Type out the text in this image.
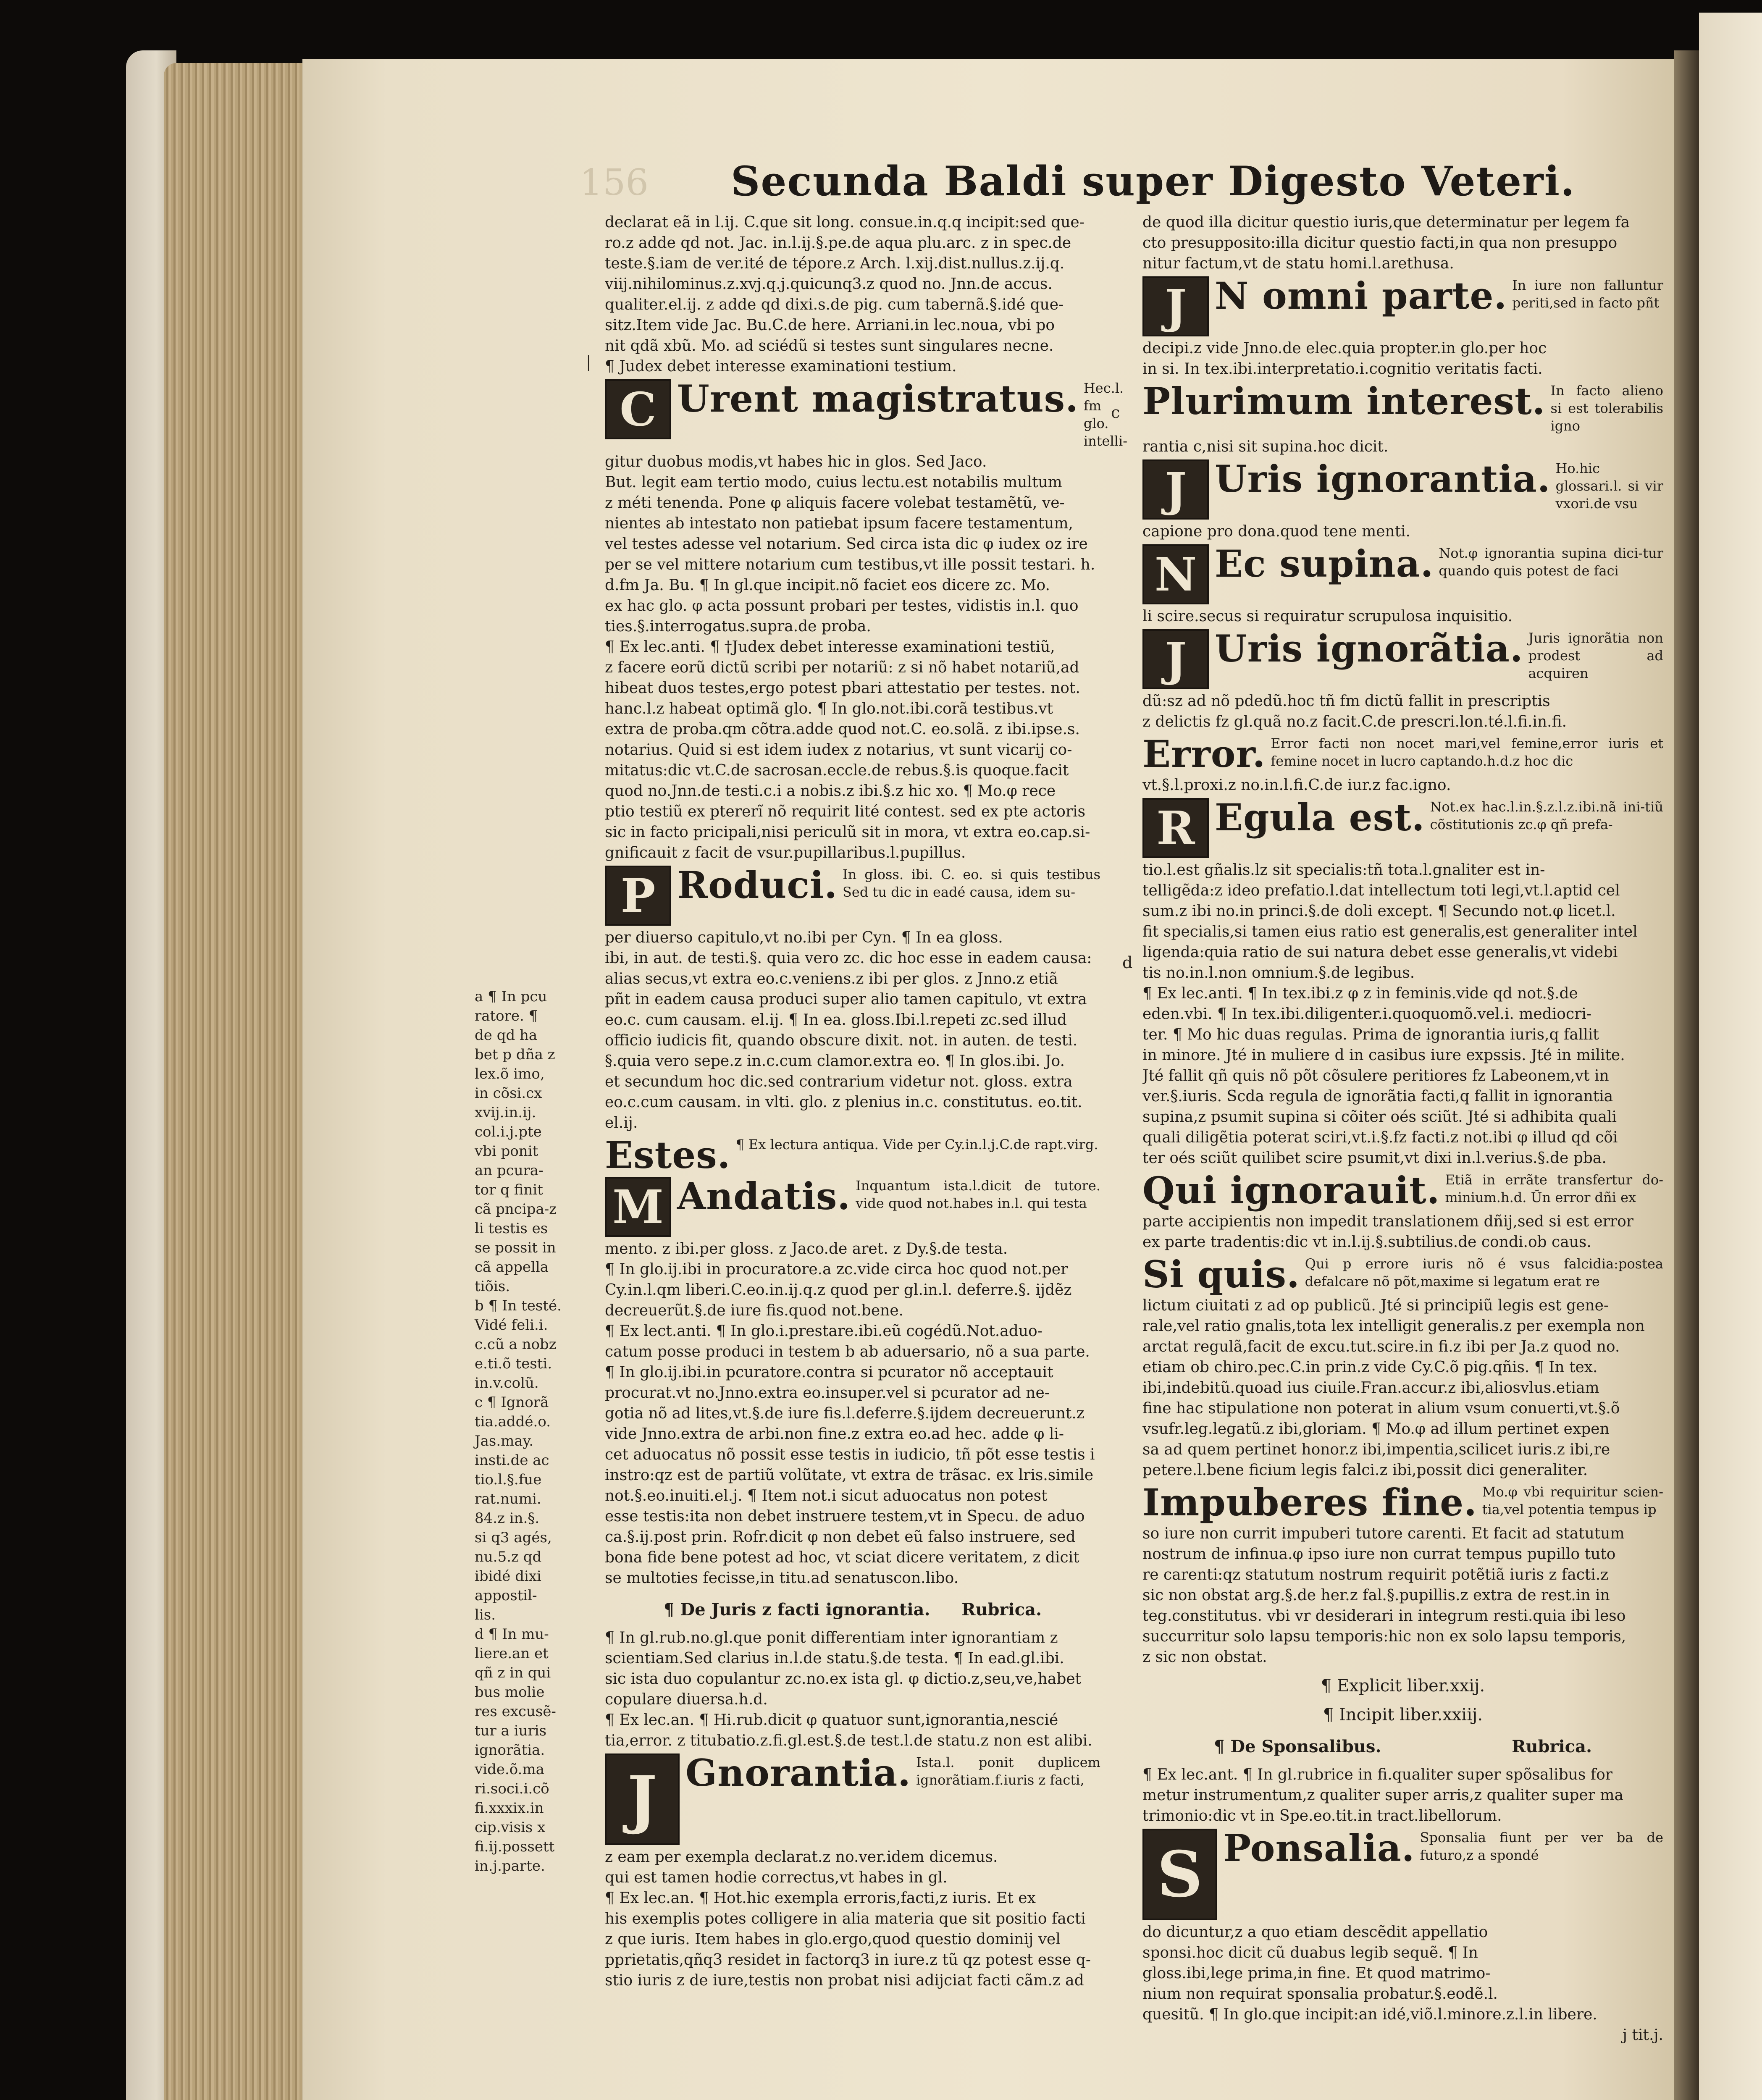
156 Secunda Baldi super Digesto Veteri.
declarat eã in l.ij. C.que sit long. consue.in.q.q incipit:sed que-
ro.z adde qd not. Jac. in.l.ij.§.pe.de aqua plu.arc. z in spec.de
teste.§.iam de ver.ité de tépore.z Arch. l.xij.dist.nullus.z.ij.q.
viij.nihilominus.z.xvj.q.j.quicunq3.z quod no. Jnn.de accus.
qualiter.el.ij. z adde qd dixi.s.de pig. cum tabernã.§.idé que-
sitz.Item vide Jac. Bu.C.de here. Arriani.in lec.noua, vbi po
nit qdã xbũ. Mo. ad sciédũ si testes sunt singulares necne.
¶ Judex debet interesse examinationi testium.
C Urent magistratus. Hec.l. fm glo. intelli-
gitur duobus modis,vt habes hic in glos. Sed Jaco.
But. legit eam tertio modo, cuius lectu.est notabilis multum
z méti tenenda. Pone φ aliquis facere volebat testamẽtũ, ve-
nientes ab intestato non patiebat ipsum facere testamentum,
vel testes adesse vel notarium. Sed circa ista dic φ iudex oz ire
per se vel mittere notarium cum testibus,vt ille possit testari. h.
d.fm Ja. Bu. ¶ In gl.que incipit.nõ faciet eos dicere zc. Mo.
ex hac glo. φ acta possunt probari per testes, vidistis in.l. quo
ties.§.interrogatus.supra.de proba.
¶ Ex lec.anti. ¶ †Judex debet interesse examinationi testiũ,
z facere eorũ dictũ scribi per notariũ: z si nõ habet notariũ,ad
hibeat duos testes,ergo potest pbari attestatio per testes. not.
hanc.l.z habeat optimã glo. ¶ In glo.not.ibi.corã testibus.vt
extra de proba.qm cõtra.adde quod not.C. eo.solã. z ibi.ipse.s.
notarius. Quid si est idem iudex z notarius, vt sunt vicarij co-
mitatus:dic vt.C.de sacrosan.eccle.de rebus.§.is quoque.facit
quod no.Jnn.de testi.c.i a nobis.z ibi.§.z hic xo. ¶ Mo.φ rece
ptio testiũ ex ptererĩ nõ requirit lité contest. sed ex pte actoris
sic in facto pricipali,nisi periculũ sit in mora, vt extra eo.cap.si-
gnificauit z facit de vsur.pupillaribus.l.pupillus.
P Roduci. In gloss. ibi. C. eo. si quis testibus Sed tu dic in eadé causa, idem su-
per diuerso capitulo,vt no.ibi per Cyn. ¶ In ea gloss.
ibi, in aut. de testi.§. quia vero zc. dic hoc esse in eadem causa:
alias secus,vt extra eo.c.veniens.z ibi per glos. z Jnno.z etiã
pñt in eadem causa produci super alio tamen capitulo, vt extra
eo.c. cum causam. el.ij. ¶ In ea. gloss.Ibi.l.repeti zc.sed illud
officio iudicis fit, quando obscure dixit. not. in auten. de testi.
§.quia vero sepe.z in.c.cum clamor.extra eo. ¶ In glos.ibi. Jo.
et secundum hoc dic.sed contrarium videtur not. gloss. extra
eo.c.cum causam. in vlti. glo. z plenius in.c. constitutus. eo.tit.
el.ij.
Estes. ¶ Ex lectura antiqua. Vide per Cy.in.l.j.C.de rapt.virg.
M Andatis. Inquantum ista.l.dicit de tutore. vide quod not.habes in.l. qui testa
mento. z ibi.per gloss. z Jaco.de aret. z Dy.§.de testa.
¶ In glo.ij.ibi in procuratore.a zc.vide circa hoc quod not.per
Cy.in.l.qm liberi.C.eo.in.ij.q.z quod per gl.in.l. deferre.§. ijdẽz
decreuerũt.§.de iure fis.quod not.bene.
¶ Ex lect.anti. ¶ In glo.i.prestare.ibi.eũ cogédũ.Not.aduo-
catum posse produci in testem b ab aduersario, nõ a sua parte.
¶ In glo.ij.ibi.in pcuratore.contra si pcurator nõ acceptauit
procurat.vt no.Jnno.extra eo.insuper.vel si pcurator ad ne-
gotia nõ ad lites,vt.§.de iure fis.l.deferre.§.ijdem decreuerunt.z
vide Jnno.extra de arbi.non fine.z extra eo.ad hec. adde φ li-
cet aduocatus nõ possit esse testis in iudicio, tñ põt esse testis i
instro:qz est de partiũ volũtate, vt extra de trãsac. ex lris.simile
not.§.eo.inuiti.el.j. ¶ Item not.i sicut aduocatus non potest
esse testis:ita non debet instruere testem,vt in Specu. de aduo
ca.§.ij.post prin. Rofr.dicit φ non debet eũ falso instruere, sed
bona fide bene potest ad hoc, vt sciat dicere veritatem, z dicit
se multoties fecisse,in titu.ad senatuscon.libo.
¶ De Juris z facti ignorantia. Rubrica.
¶ In gl.rub.no.gl.que ponit differentiam inter ignorantiam z
scientiam.Sed clarius in.l.de statu.§.de testa. ¶ In ead.gl.ibi.
sic ista duo copulantur zc.no.ex ista gl. φ dictio.z,seu,ve,habet
copulare diuersa.h.d.
¶ Ex lec.an. ¶ Hi.rub.dicit φ quatuor sunt,ignorantia,nescié
tia,error. z titubatio.z.fi.gl.est.§.de test.l.de statu.z non est alibi.
J Gnorantia. Ista.l. ponit duplicem ignorãtiam.f.iuris z facti,
z eam per exempla declarat.z no.ver.idem dicemus.
qui est tamen hodie correctus,vt habes in gl.
¶ Ex lec.an. ¶ Hot.hic exempla erroris,facti,z iuris. Et ex
his exemplis potes colligere in alia materia que sit positio facti
z que iuris. Item habes in glo.ergo,quod questio dominij vel
pprietatis,qñq3 residet in factorq3 in iure.z tũ qz potest esse q-
stio iuris z de iure,testis non probat nisi adijciat facti cãm.z ad
de quod illa dicitur questio iuris,que determinatur per legem fa
cto presupposito:illa dicitur questio facti,in qua non presuppo
nitur factum,vt de statu homi.l.arethusa.
J N omni parte. In iure non falluntur periti,sed in facto pñt
decipi.z vide Jnno.de elec.quia propter.in glo.per hoc
in si. In tex.ibi.interpretatio.i.cognitio veritatis facti.
Plurimum interest. In facto alieno si est tolerabilis igno
rantia c,nisi sit supina.hoc dicit.
J Uris ignorantia. Ho.hic glossari.l. si vir vxori.de vsu
capione pro dona.quod tene menti.
N Ec supina. Not.φ ignorantia supina dici-tur quando quis potest de faci
li scire.secus si requiratur scrupulosa inquisitio.
J Uris ignorãtia. Juris ignorãtia non prodest ad acquiren
dũ:sz ad nõ pdedũ.hoc tñ fm dictũ fallit in prescriptis
z delictis fz gl.quã no.z facit.C.de prescri.lon.té.l.fi.in.fi.
Error. Error facti non nocet mari,vel femine,error iuris et femine nocet in lucro captando.h.d.z hoc dic
vt.§.l.proxi.z no.in.l.fi.C.de iur.z fac.igno.
R Egula est. Not.ex hac.l.in.§.z.l.z.ibi.nã ini-tiũ cõstitutionis zc.φ qñ prefa-
tio.l.est gñalis.lz sit specialis:tñ tota.l.gnaliter est in-
telligẽda:z ideo prefatio.l.dat intellectum toti legi,vt.l.aptid cel
sum.z ibi no.in princi.§.de doli except. ¶ Secundo not.φ licet.l.
fit specialis,si tamen eius ratio est generalis,est generaliter intel
ligenda:quia ratio de sui natura debet esse generalis,vt videbi
tis no.in.l.non omnium.§.de legibus.
¶ Ex lec.anti. ¶ In tex.ibi.z φ z in feminis.vide qd not.§.de
eden.vbi. ¶ In tex.ibi.diligenter.i.quoquomõ.vel.i. mediocri-
ter. ¶ Mo hic duas regulas. Prima de ignorantia iuris,q fallit
in minore. Jté in muliere d in casibus iure expssis. Jté in milite.
Jté fallit qñ quis nõ põt cõsulere peritiores fz Labeonem,vt in
ver.§.iuris. Scda regula de ignorãtia facti,q fallit in ignorantia
supina,z psumit supina si cõiter oés sciũt. Jté si adhibita quali
quali diligẽtia poterat sciri,vt.i.§.fz facti.z not.ibi φ illud qd cõi
ter oés sciũt quilibet scire psumit,vt dixi in.l.verius.§.de pba.
Qui ignorauit. Etiã in errãte transfertur do-minium.h.d. Ũn error dñi ex
parte accipientis non impedit translationem dñij,sed si est error
ex parte tradentis:dic vt in.l.ij.§.subtilius.de condi.ob caus.
Si quis. Qui p errore iuris nõ é vsus falcidia:postea defalcare nõ põt,maxime si legatum erat re
lictum ciuitati z ad op publicũ. Jté si principiũ legis est gene-
rale,vel ratio gnalis,tota lex intelligit generalis.z per exempla non
arctat regulã,facit de excu.tut.scire.in fi.z ibi per Ja.z quod no.
etiam ob chiro.pec.C.in prin.z vide Cy.C.õ pig.qñis. ¶ In tex.
ibi,indebitũ.quoad ius ciuile.Fran.accur.z ibi,aliosvlus.etiam
fine hac stipulatione non poterat in alium vsum conuerti,vt.§.õ
vsufr.leg.legatũ.z ibi,gloriam. ¶ Mo.φ ad illum pertinet expen
sa ad quem pertinet honor.z ibi,impentia,scilicet iuris.z ibi,re
petere.l.bene ficium legis falci.z ibi,possit dici generaliter.
Impuberes fine. Mo.φ vbi requiritur scien-tia,vel potentia tempus ip
so iure non currit impuberi tutore carenti. Et facit ad statutum
nostrum de infinua.φ ipso iure non currat tempus pupillo tuto
re carenti:qz statutum nostrum requirit potẽtiã iuris z facti.z
sic non obstat arg.§.de her.z fal.§.pupillis.z extra de rest.in in
teg.constitutus. vbi vr desiderari in integrum resti.quia ibi leso
succurritur solo lapsu temporis:hic non ex solo lapsu temporis,
z sic non obstat.
¶ Explicit liber.xxij.
¶ Incipit liber.xxiij.
¶ De Sponsalibus.	Rubrica.
¶ Ex lec.ant. ¶ In gl.rubrice in fi.qualiter super spõsalibus for
metur instrumentum,z qualiter super arris,z qualiter super ma
trimonio:dic vt in Spe.eo.tit.in tract.libellorum.
S Ponsalia. Sponsalia fiunt per ver ba de futuro,z a spondé
do dicuntur,z a quo etiam descẽdit appellatio
sponsi.hoc dicit cũ duabus legib sequẽ. ¶ In
gloss.ibi,lege prima,in fine. Et quod matrimo-
nium non requirat sponsalia probatur.§.eodẽ.l.
quesitũ. ¶ In glo.que incipit:an idé,viõ.l.minore.z.l.in libere.
j tit.j.
a ¶ In pcu
ratore. ¶
de qd ha
bet p dña z
lex.õ imo,
in cõsi.cx
xvij.in.ij.
col.i.j.pte
vbi ponit
an pcura-
tor q finit
cã pncipa-z
li testis es
se possit in
cã appella
tiõis.
b ¶ In testé.
Vidé feli.i.
c.cũ a nobz
e.ti.õ testi.
in.v.colũ.
c ¶ Ignorã
tia.addé.o.
Jas.may.
insti.de ac
tio.l.§.fue
rat.numi.
84.z in.§.
si q3 agés,
nu.5.z qd
ibidé dixi
appostil-
lis.
d ¶ In mu-
liere.an et
qñ z in qui
bus molie
res excusẽ-
tur a iuris
ignorãtia.
vide.õ.ma
ri.soci.i.cõ
fi.xxxix.in
cip.visis x
fi.ij.possett
in.j.parte.
|
c
d
